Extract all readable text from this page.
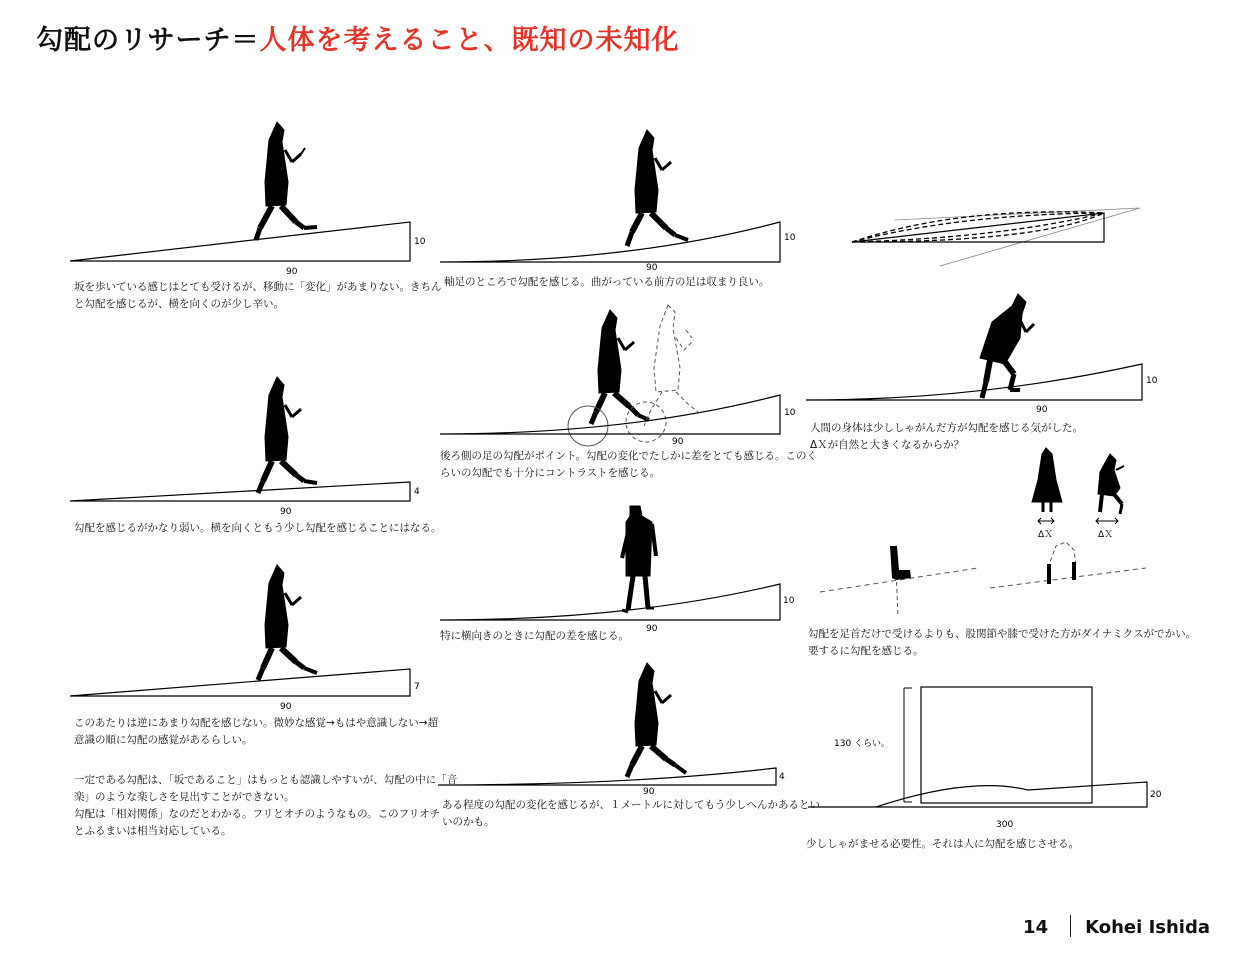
勾配のリサーチ＝人体を考えること、既知の未知化
10
90
坂を歩いている感じはとても受けるが、移動に「変化」があまりない。きちん
と勾配を感じるが、横を向くのが少し辛い。
4
90
勾配を感じるがかなり弱い。横を向くともう少し勾配を感じることにはなる。
7
90
このあたりは逆にあまり勾配を感じない。微妙な感覚→もはや意識しない→超
意識の順に勾配の感覚があるらしい。
一定である勾配は、「坂であること」はもっとも認識しやすいが、勾配の中に「音
楽」のような楽しさを見出すことができない。
勾配は「相対関係」なのだとわかる。フリとオチのようなもの。このフリオチ
とふるまいは相当対応している。
10
90
軸足のところで勾配を感じる。曲がっている前方の足は収まり良い。
10
90
後ろ側の足の勾配がポイント。勾配の変化でたしかに差をとても感じる。このく
らいの勾配でも十分にコントラストを感じる。
10
90
特に横向きのときに勾配の差を感じる。
4
90
ある程度の勾配の変化を感じるが、１メートルに対してもう少しへんかあるとい
いのかも。
10
90
人間の身体は少ししゃがんだ方が勾配を感じる気がした。
ΔＸが自然と大きくなるからか？
ΔＸ	ΔＸ
勾配を足首だけで受けるよりも、股関節や膝で受けた方がダイナミクスがでかい。
要するに勾配を感じる。
130 くらい。
20
300
少ししゃがませる必要性。それは人に勾配を感じさせる。
14 Kohei Ishida
